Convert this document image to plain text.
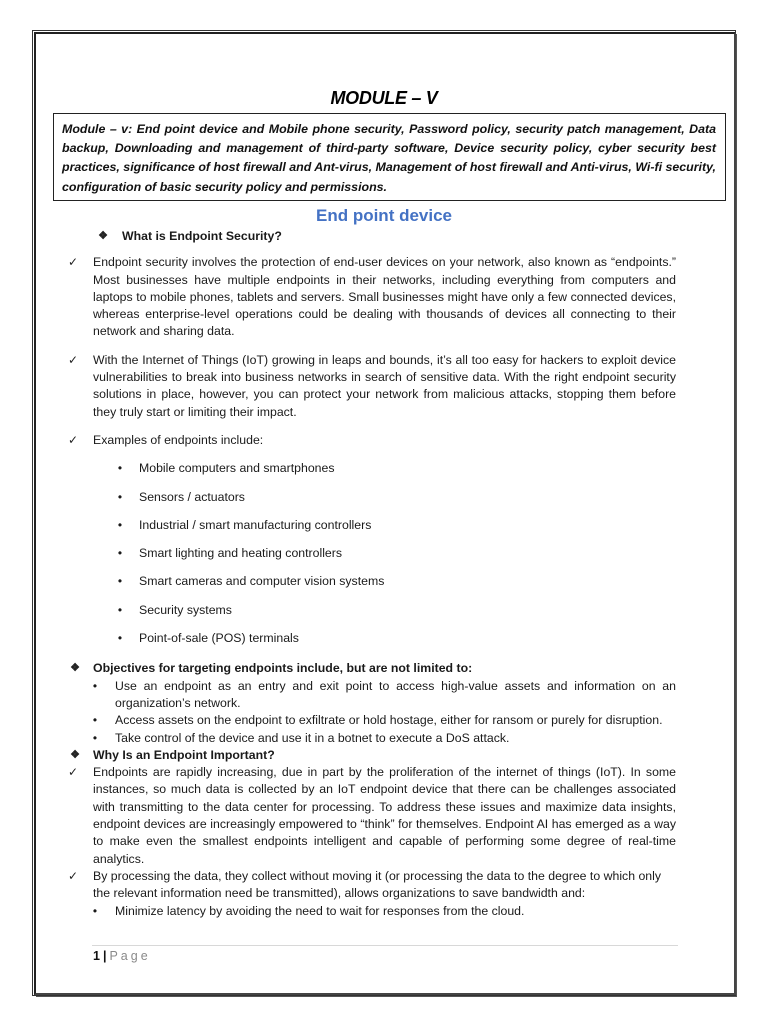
MODULE – V
Module – v: End point device and Mobile phone security, Password policy, security patch management, Data backup, Downloading and management of third-party software, Device security policy, cyber security best practices, significance of host firewall and Ant-virus, Management of host firewall and Anti-virus, Wi-fi security, configuration of basic security policy and permissions.
End point device
❖	What is Endpoint Security?
✓	Endpoint security involves the protection of end-user devices on your network, also known as “endpoints.” Most businesses have multiple endpoints in their networks, including everything from computers and laptops to mobile phones, tablets and servers. Small businesses might have only a few connected devices, whereas enterprise-level operations could be dealing with thousands of devices all connecting to their network and sharing data.
✓	With the Internet of Things (IoT) growing in leaps and bounds, it’s all too easy for hackers to exploit device vulnerabilities to break into business networks in search of sensitive data. With the right endpoint security solutions in place, however, you can protect your network from malicious attacks, stopping them before they truly start or limiting their impact.
✓	Examples of endpoints include:
•	Mobile computers and smartphones
•	Sensors / actuators
•	Industrial / smart manufacturing controllers
•	Smart lighting and heating controllers
•	Smart cameras and computer vision systems
•	Security systems
•	Point-of-sale (POS) terminals
❖	Objectives for targeting endpoints include, but are not limited to:
•	Use an endpoint as an entry and exit point to access high-value assets and information on an organization’s network.
•	Access assets on the endpoint to exfiltrate or hold hostage, either for ransom or purely for disruption.
•	Take control of the device and use it in a botnet to execute a DoS attack.
❖	Why Is an Endpoint Important?
✓	Endpoints are rapidly increasing, due in part by the proliferation of the internet of things (IoT). In some instances, so much data is collected by an IoT endpoint device that there can be challenges associated with transmitting to the data center for processing. To address these issues and maximize data insights, endpoint devices are increasingly empowered to “think” for themselves. Endpoint AI has emerged as a way to make even the smallest endpoints intelligent and capable of performing some degree of real-time analytics.
✓	By processing the data, they collect without moving it (or processing the data to the degree to which only the relevant information need be transmitted), allows organizations to save bandwidth and:
•	Minimize latency by avoiding the need to wait for responses from the cloud.
1 | Page
